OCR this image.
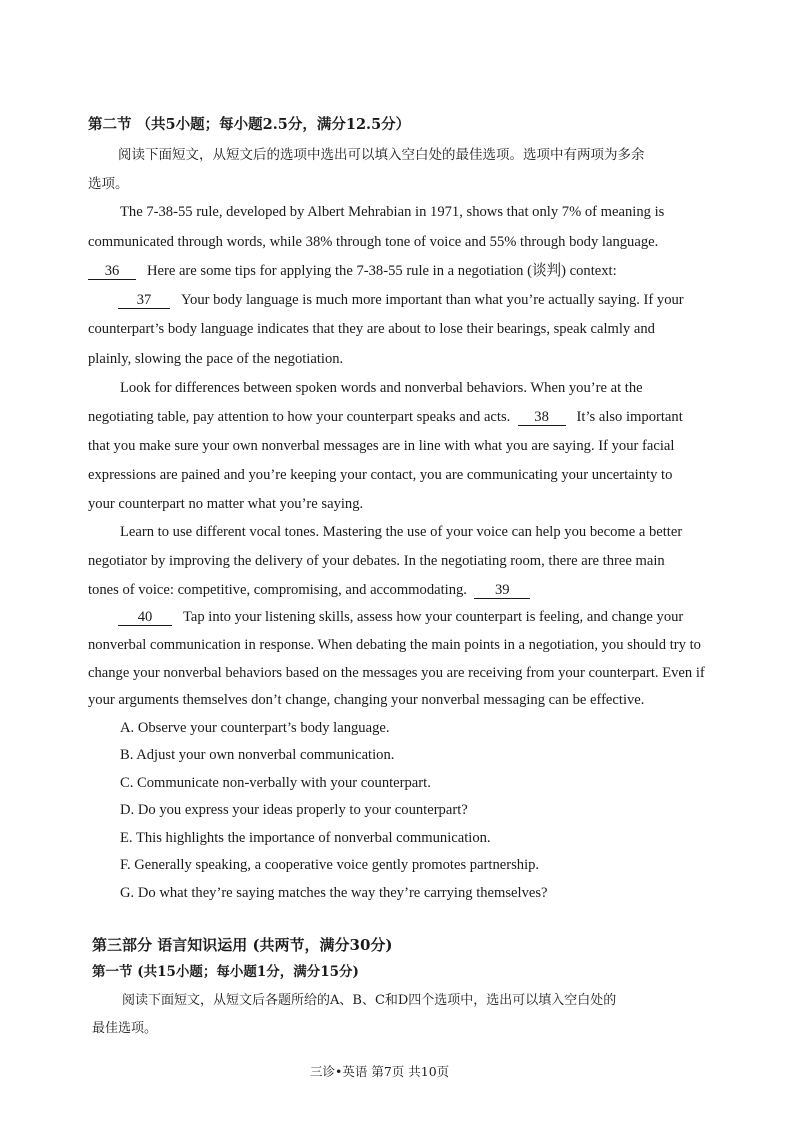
第二节 （共5小题；每小题2.5分，满分12.5分）
阅读下面短文，从短文后的选项中选出可以填入空白处的最佳选项。选项中有两项为多余
选项。
The 7-38-55 rule, developed by Albert Mehrabian in 1971, shows that only 7% of meaning is
communicated through words, while 38% through tone of voice and 55% through body language.
36 Here are some tips for applying the 7-38-55 rule in a negotiation (谈判) context:
37 Your body language is much more important than what you’re actually saying. If your
counterpart’s body language indicates that they are about to lose their bearings, speak calmly and
plainly, slowing the pace of the negotiation.
Look for differences between spoken words and nonverbal behaviors. When you’re at the
negotiating table, pay attention to how your counterpart speaks and acts. 38 It’s also important
that you make sure your own nonverbal messages are in line with what you are saying. If your facial
expressions are pained and you’re keeping your contact, you are communicating your uncertainty to
your counterpart no matter what you’re saying.
Learn to use different vocal tones. Mastering the use of your voice can help you become a better
negotiator by improving the delivery of your debates. In the negotiating room, there are three main
tones of voice: competitive, compromising, and accommodating. 39
40 Tap into your listening skills, assess how your counterpart is feeling, and change your
nonverbal communication in response. When debating the main points in a negotiation, you should try to
change your nonverbal behaviors based on the messages you are receiving from your counterpart. Even if
your arguments themselves don’t change, changing your nonverbal messaging can be effective.
A. Observe your counterpart’s body language.
B. Adjust your own nonverbal communication.
C. Communicate non-verbally with your counterpart.
D. Do you express your ideas properly to your counterpart?
E. This highlights the importance of nonverbal communication.
F. Generally speaking, a cooperative voice gently promotes partnership.
G. Do what they’re saying matches the way they’re carrying themselves?
第三部分 语言知识运用 (共两节，满分30分)
第一节 (共15小题；每小题1分，满分15分)
阅读下面短文，从短文后各题所给的A、B、C和D四个选项中，选出可以填入空白处的
最佳选项。
三诊•英语 第7页 共10页
